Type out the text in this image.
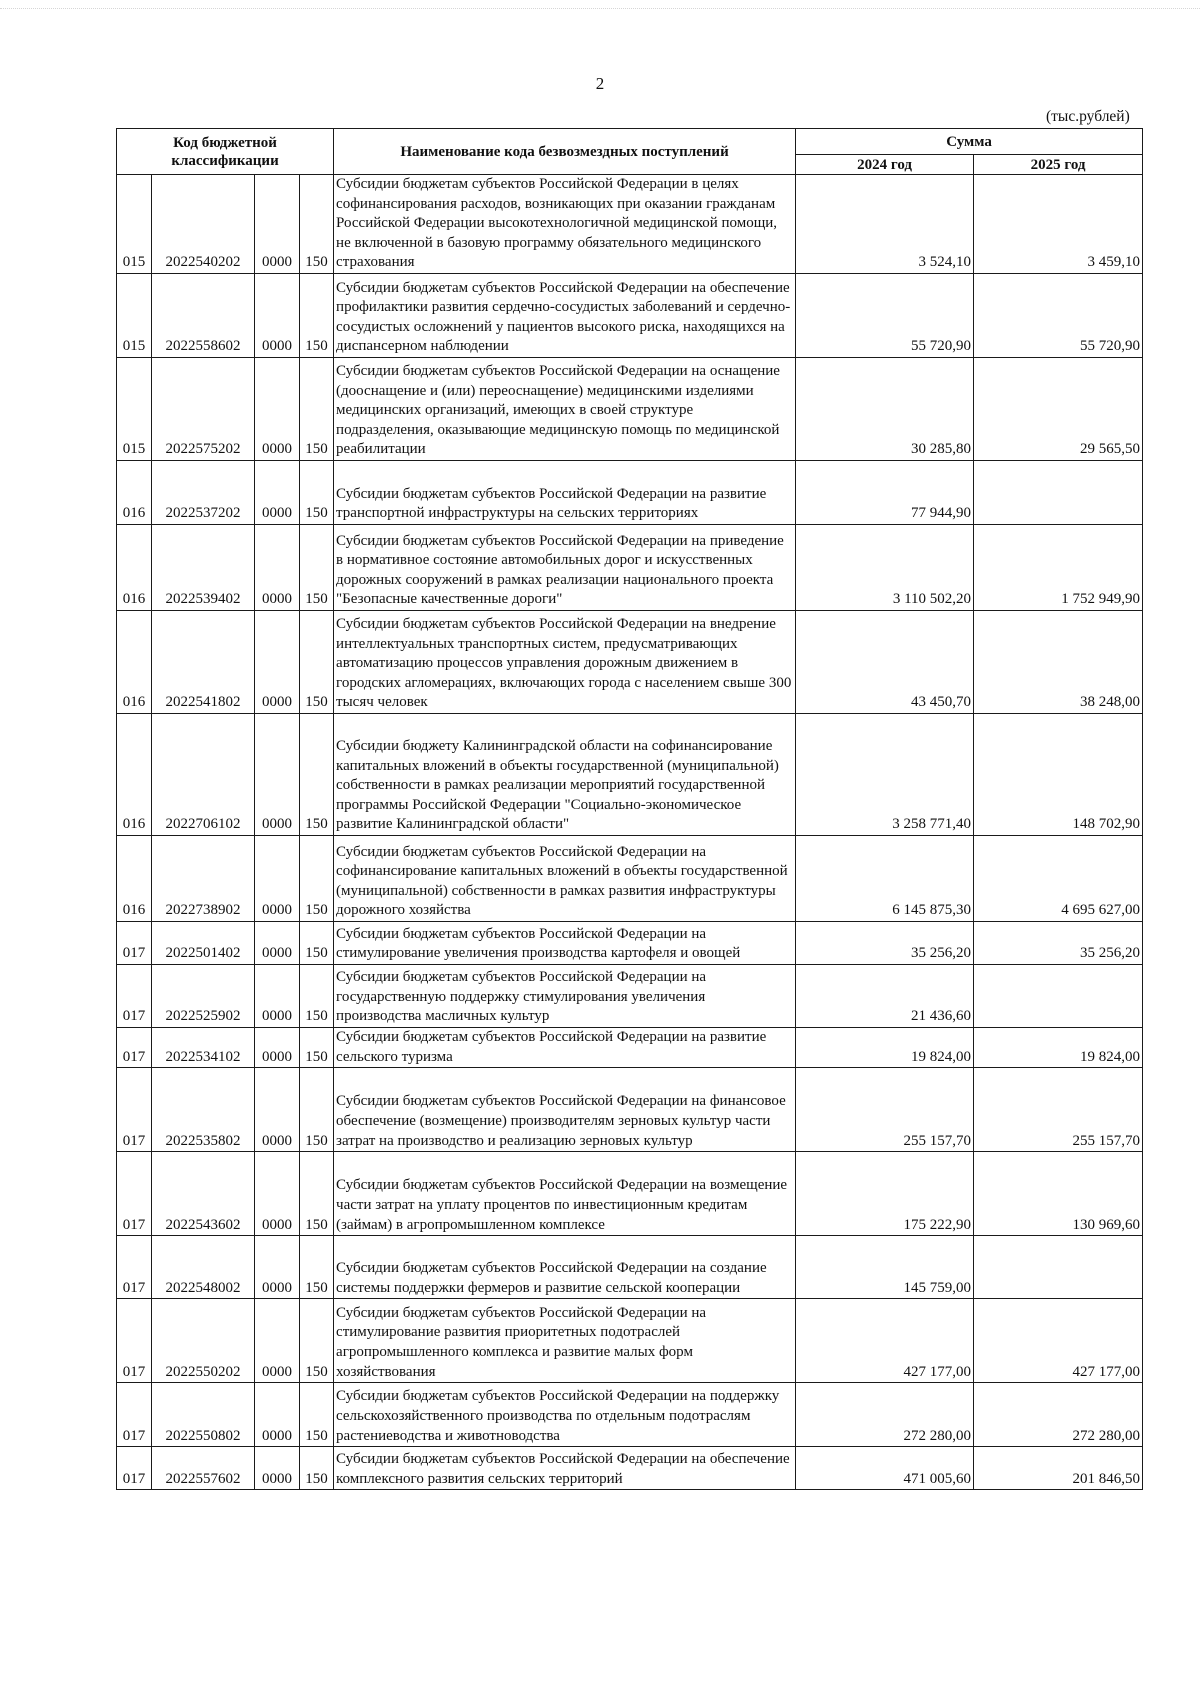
2
(тыс.рублей)
Код бюджетной классификации				Наименование кода безвозмездных поступлений	Сумма	
					2024 год	2025 год
015	2022540202	0000	150	Субсидии бюджетам субъектов Российской Федерации в целях софинансирования расходов, возникающих при оказании гражданам Российской Федерации высокотехнологичной медицинской помощи, не включенной в базовую программу обязательного медицинского страхования	3 524,10	3 459,10
015	2022558602	0000	150	Субсидии бюджетам субъектов Российской Федерации на обеспечение профилактики развития сердечно-сосудистых заболеваний и сердечно-сосудистых осложнений у пациентов высокого риска, находящихся на диспансерном наблюдении	55 720,90	55 720,90
015	2022575202	0000	150	Субсидии бюджетам субъектов Российской Федерации на оснащение (дооснащение и (или) переоснащение) медицинскими изделиями медицинских организаций, имеющих в своей структуре подразделения, оказывающие медицинскую помощь по медицинской реабилитации	30 285,80	29 565,50
016	2022537202	0000	150	Субсидии бюджетам субъектов Российской Федерации на развитие транспортной инфраструктуры на сельских территориях	77 944,90	
016	2022539402	0000	150	Субсидии бюджетам субъектов Российской Федерации на приведение в нормативное состояние автомобильных дорог и искусственных дорожных сооружений в рамках реализации национального проекта "Безопасные качественные дороги"	3 110 502,20	1 752 949,90
016	2022541802	0000	150	Субсидии бюджетам субъектов Российской Федерации на внедрение интеллектуальных транспортных систем, предусматривающих автоматизацию процессов управления дорожным движением в городских агломерациях, включающих города с населением свыше 300 тысяч человек	43 450,70	38 248,00
016	2022706102	0000	150	Субсидии бюджету Калининградской области на софинансирование капитальных вложений в объекты государственной (муниципальной) собственности в рамках реализации мероприятий государственной программы Российской Федерации "Социально-экономическое развитие Калининградской области"	3 258 771,40	148 702,90
016	2022738902	0000	150	Субсидии бюджетам субъектов Российской Федерации на софинансирование капитальных вложений в объекты государственной (муниципальной) собственности в рамках развития инфраструктуры дорожного хозяйства	6 145 875,30	4 695 627,00
017	2022501402	0000	150	Субсидии бюджетам субъектов Российской Федерации на стимулирование увеличения производства картофеля и овощей	35 256,20	35 256,20
017	2022525902	0000	150	Субсидии бюджетам субъектов Российской Федерации на государственную поддержку стимулирования увеличения производства масличных культур	21 436,60	
017	2022534102	0000	150	Субсидии бюджетам субъектов Российской Федерации на развитие сельского туризма	19 824,00	19 824,00
017	2022535802	0000	150	Субсидии бюджетам субъектов Российской Федерации на финансовое обеспечение (возмещение) производителям зерновых культур части затрат на производство и реализацию зерновых культур	255 157,70	255 157,70
017	2022543602	0000	150	Субсидии бюджетам субъектов Российской Федерации на возмещение части затрат на уплату процентов по инвестиционным кредитам (займам) в агропромышленном комплексе	175 222,90	130 969,60
017	2022548002	0000	150	Субсидии бюджетам субъектов Российской Федерации на создание системы поддержки фермеров и развитие сельской кооперации	145 759,00	
017	2022550202	0000	150	Субсидии бюджетам субъектов Российской Федерации на стимулирование развития приоритетных подотраслей агропромышленного комплекса и развитие малых форм хозяйствования	427 177,00	427 177,00
017	2022550802	0000	150	Субсидии бюджетам субъектов Российской Федерации на поддержку сельскохозяйственного производства по отдельным подотраслям растениеводства и животноводства	272 280,00	272 280,00
017	2022557602	0000	150	Субсидии бюджетам субъектов Российской Федерации на обеспечение комплексного развития сельских территорий	471 005,60	201 846,50
